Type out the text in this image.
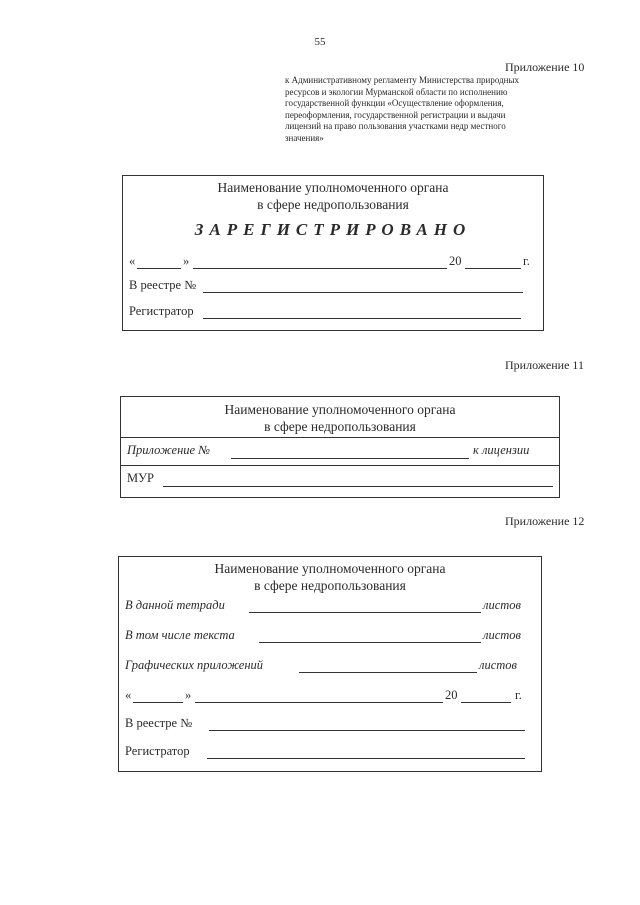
55
Приложение 10
к Административному регламенту Министерства природных
ресурсов и экологии Мурманской области по исполнению
государственной функции «Осуществление оформления,
переоформления, государственной регистрации и выдачи
лицензий на право пользования участками недр местного
значения»
Наименование уполномоченного органа
в сфере недропользования
ЗАРЕГИСТРИРОВАНО
«	»	20	г.
В реестре №
Регистратор
Приложение 11
Наименование уполномоченного органа
в сфере недропользования
Приложение №	к лицензии
МУР
Приложение 12
Наименование уполномоченного органа
в сфере недропользования
В данной тетради	листов
В том числе текста	листов
Графических приложений	листов
«	»	20	г.
В реестре №
Регистратор
